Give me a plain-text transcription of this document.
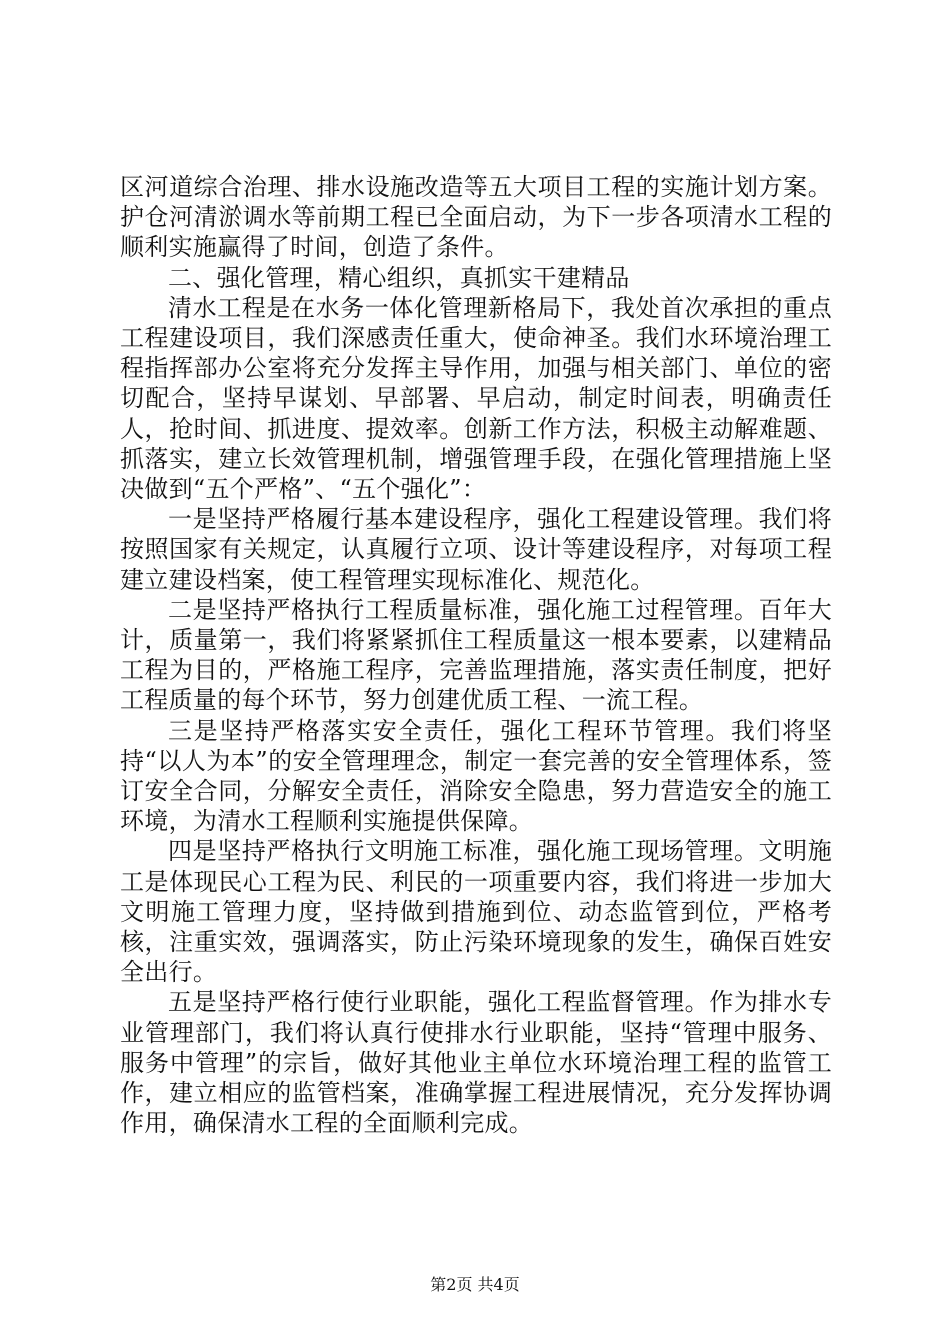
区河道综合治理、排水设施改造等五大项目工程的实施计划方案。护仓河清淤调水等前期工程已全面启动，为下一步各项清水工程的顺利实施赢得了时间，创造了条件。

二、强化管理，精心组织，真抓实干建精品

清水工程是在水务一体化管理新格局下，我处首次承担的重点工程建设项目，我们深感责任重大，使命神圣。我们水环境治理工程指挥部办公室将充分发挥主导作用，加强与相关部门、单位的密切配合，坚持早谋划、早部署、早启动，制定时间表，明确责任人，抢时间、抓进度、提效率。创新工作方法，积极主动解难题、抓落实，建立长效管理机制，增强管理手段，在强化管理措施上坚决做到“五个严格”、“五个强化”：

一是坚持严格履行基本建设程序，强化工程建设管理。我们将按照国家有关规定，认真履行立项、设计等建设程序，对每项工程建立建设档案，使工程管理实现标准化、规范化。

二是坚持严格执行工程质量标准，强化施工过程管理。百年大计，质量第一，我们将紧紧抓住工程质量这一根本要素，以建精品工程为目的，严格施工程序，完善监理措施，落实责任制度，把好工程质量的每个环节，努力创建优质工程、一流工程。

三是坚持严格落实安全责任，强化工程环节管理。我们将坚持“以人为本”的安全管理理念，制定一套完善的安全管理体系，签订安全合同，分解安全责任，消除安全隐患，努力营造安全的施工环境，为清水工程顺利实施提供保障。

四是坚持严格执行文明施工标准，强化施工现场管理。文明施工是体现民心工程为民、利民的一项重要内容，我们将进一步加大文明施工管理力度，坚持做到措施到位、动态监管到位，严格考核，注重实效，强调落实，防止污染环境现象的发生，确保百姓安全出行。

五是坚持严格行使行业职能，强化工程监督管理。作为排水专业管理部门，我们将认真行使排水行业职能，坚持“管理中服务、服务中管理”的宗旨，做好其他业主单位水环境治理工程的监管工作，建立相应的监管档案，准确掌握工程进展情况，充分发挥协调作用，确保清水工程的全面顺利完成。

第2页 共4页
